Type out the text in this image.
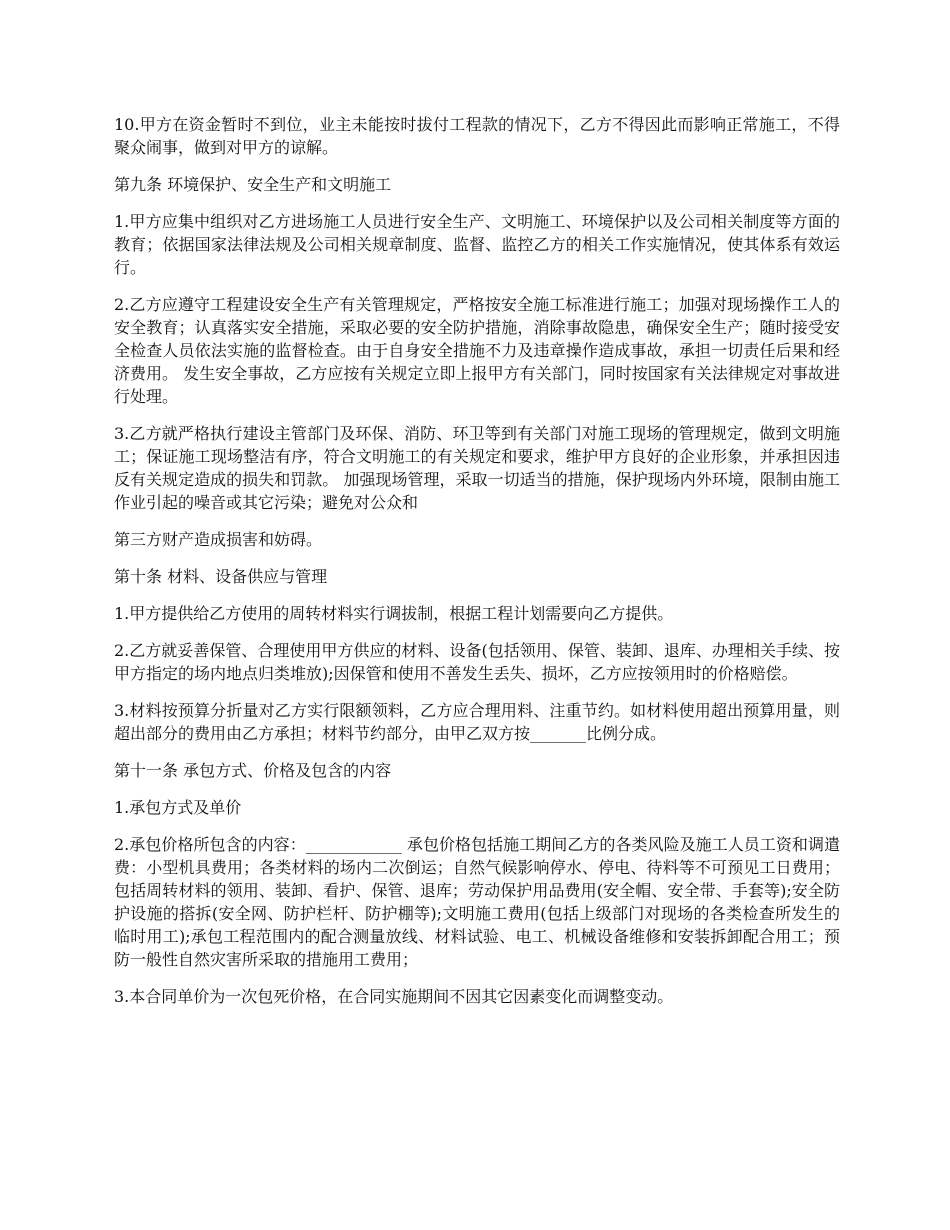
10.甲方在资金暂时不到位，业主未能按时拔付工程款的情况下，乙方不得因此而影响正常施工，不得聚众闹事，做到对甲方的谅解。

第九条 环境保护、安全生产和文明施工

1.甲方应集中组织对乙方进场施工人员进行安全生产、文明施工、环境保护以及公司相关制度等方面的教育；依据国家法律法规及公司相关规章制度、监督、监控乙方的相关工作实施情况，使其体系有效运行。

2.乙方应遵守工程建设安全生产有关管理规定，严格按安全施工标准进行施工；加强对现场操作工人的安全教育；认真落实安全措施，采取必要的安全防护措施，消除事故隐患，确保安全生产；随时接受安全检查人员依法实施的监督检查。由于自身安全措施不力及违章操作造成事故，承担一切责任后果和经济费用。 发生安全事故，乙方应按有关规定立即上报甲方有关部门，同时按国家有关法律规定对事故进行处理。

3.乙方就严格执行建设主管部门及环保、消防、环卫等到有关部门对施工现场的管理规定，做到文明施工；保证施工现场整洁有序，符合文明施工的有关规定和要求，维护甲方良好的企业形象，并承担因违反有关规定造成的损失和罚款。 加强现场管理，采取一切适当的措施，保护现场内外环境，限制由施工作业引起的噪音或其它污染；避免对公众和

第三方财产造成损害和妨碍。

第十条 材料、设备供应与管理

1.甲方提供给乙方使用的周转材料实行调拔制，根据工程计划需要向乙方提供。

2.乙方就妥善保管、合理使用甲方供应的材料、设备(包括领用、保管、装卸、退库、办理相关手续、按甲方指定的场内地点归类堆放);因保管和使用不善发生丢失、损坏，乙方应按领用时的价格赔偿。

3.材料按预算分折量对乙方实行限额领料，乙方应合理用料、注重节约。如材料使用超出预算用量，则超出部分的费用由乙方承担；材料节约部分，由甲乙双方按_______比例分成。

第十一条 承包方式、价格及包含的内容

1.承包方式及单价

2.承包价格所包含的内容：____________ 承包价格包括施工期间乙方的各类风险及施工人员工资和调遣费：小型机具费用；各类材料的场内二次倒运；自然气候影响停水、停电、待料等不可预见工日费用；包括周转材料的领用、装卸、看护、保管、退库；劳动保护用品费用(安全帽、安全带、手套等);安全防护设施的搭拆(安全网、防护栏杆、防护棚等);文明施工费用(包括上级部门对现场的各类检查所发生的临时用工);承包工程范围内的配合测量放线、材料试验、电工、机械设备维修和安装拆卸配合用工；预防一般性自然灾害所采取的措施用工费用；

3.本合同单价为一次包死价格，在合同实施期间不因其它因素变化而调整变动。
